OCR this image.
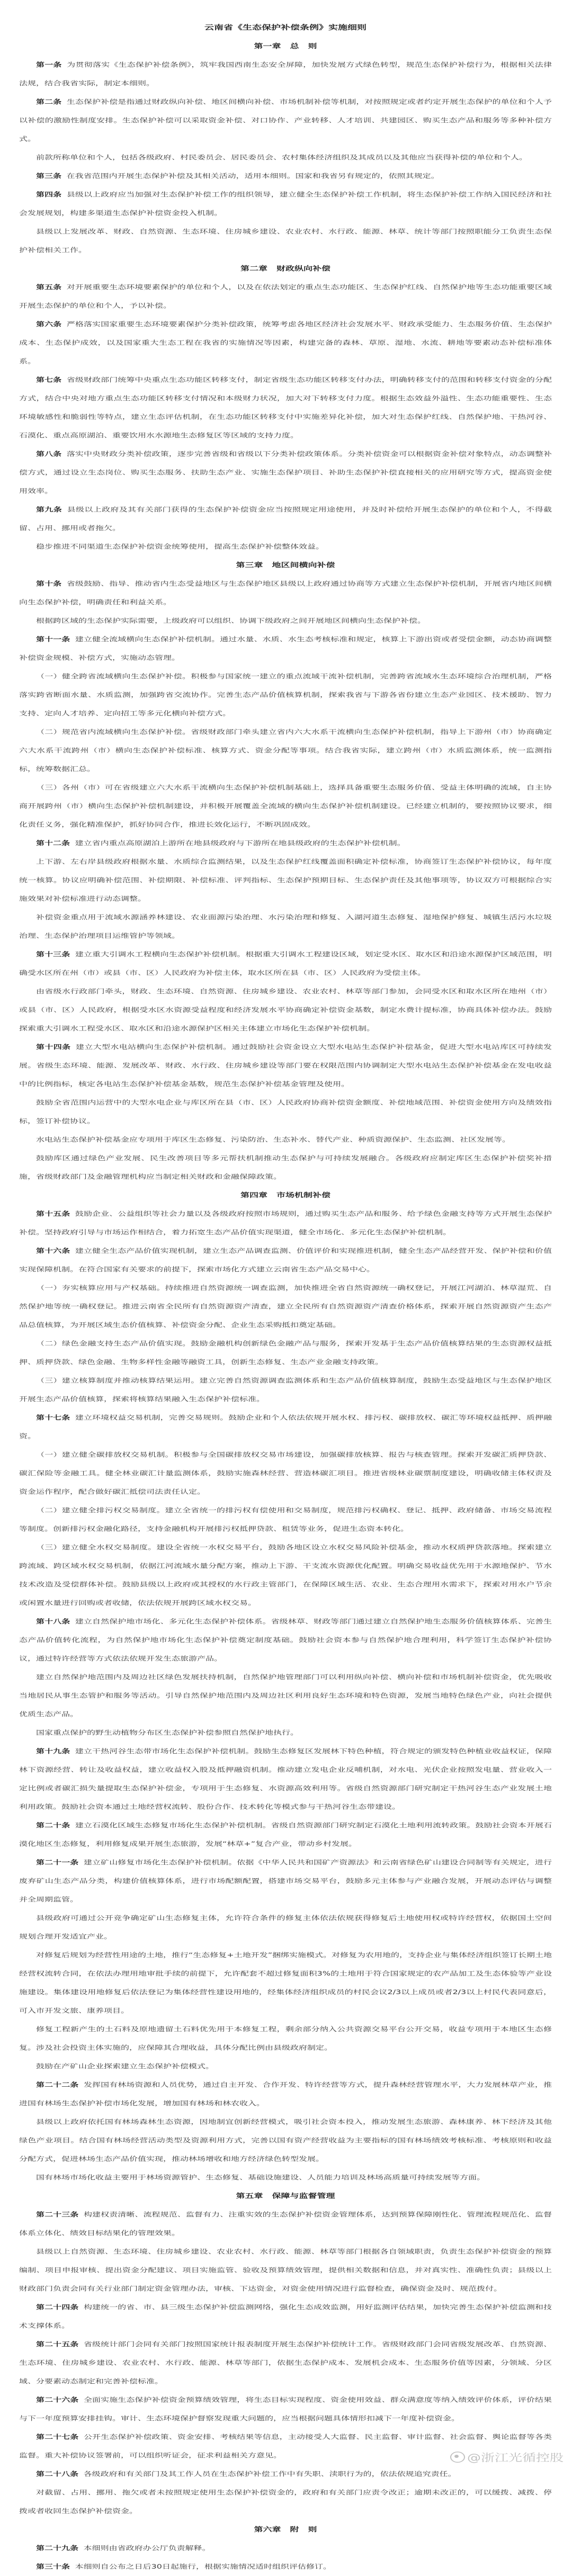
云南省《生态保护补偿条例》实施细则
第一章　总　则

第一条 为贯彻落实《生态保护补偿条例》，筑牢我国西南生态安全屏障，加快发展方式绿色转型，规范生态保护补偿行为，根据相关法律法规，结合我省实际，制定本细则。

第二条 生态保护补偿是指通过财政纵向补偿、地区间横向补偿、市场机制补偿等机制，对按照规定或者约定开展生态保护的单位和个人予以补偿的激励性制度安排。生态保护补偿可以采取资金补偿、对口协作、产业转移、人才培训、共建园区、购买生态产品和服务等多种补偿方式。

前款所称单位和个人，包括各级政府、村民委员会、居民委员会、农村集体经济组织及其成员以及其他应当获得补偿的单位和个人。

第三条 在我省范围内开展生态保护补偿及其相关活动，适用本细则。国家和我省另有规定的，依照其规定。

第四条 县级以上政府应当加强对生态保护补偿工作的组织领导，建立健全生态保护补偿工作机制，将生态保护补偿工作纳入国民经济和社会发展规划，构建多渠道生态保护补偿资金投入机制。

县级以上发展改革、财政、自然资源、生态环境、住房城乡建设、农业农村、水行政、能源、林草、统计等部门按照职能分工负责生态保护补偿相关工作。

第二章　财政纵向补偿

第五条 对开展重要生态环境要素保护的单位和个人，以及在依法划定的重点生态功能区、生态保护红线、自然保护地等生态功能重要区域开展生态保护的单位和个人，予以补偿。

第六条 严格落实国家重要生态环境要素保护分类补偿政策，统筹考虑各地区经济社会发展水平、财政承受能力、生态服务价值、生态保护成本、生态保护成效，以及国家重大生态工程在我省的实施情况等因素，构建完备的森林、草原、湿地、水流、耕地等要素动态补偿标准体系。

第七条 省级财政部门统筹中央重点生态功能区转移支付，制定省级生态功能区转移支付办法，明确转移支付的范围和转移支付资金的分配方式，结合中央对地方重点生态功能区转移支付情况和本级财力状况，加大对下转移支付力度。根据生态效益外溢性、生态功能重要性、生态环境敏感性和脆弱性等特点，建立生态评估机制，在生态功能区转移支付中实施差异化补偿，加大对生态保护红线、自然保护地、干热河谷、石漠化、重点高原湖泊、重要饮用水水源地生态修复区等区域的支持力度。

第八条 落实中央财政分类补偿政策，逐步完善省级和省级以下分类补偿政策体系。分类补偿资金可以根据资金补偿对象特点，动态调整补偿方式，通过设立生态岗位、购买生态服务、扶助生态产业、实施生态保护项目、补助生态保护补偿直接相关的应用研究等方式，提高资金使用效率。

第九条 县级以上政府及其有关部门获得的生态保护补偿资金应当按照规定用途使用，并及时补偿给开展生态保护的单位和个人，不得截留、占用、挪用或者拖欠。

稳步推进不同渠道生态保护补偿资金统筹使用，提高生态保护补偿整体效益。

第三章　地区间横向补偿

第十条 省级鼓励、指导、推动省内生态受益地区与生态保护地区县级以上政府通过协商等方式建立生态保护补偿机制，开展省内地区间横向生态保护补偿，明确责任和利益关系。

根据跨区域的生态保护实际需要，上级政府可以组织、协调下级政府之间开展地区间横向生态保护补偿。

第十一条 建立健全流域横向生态保护补偿机制。通过水量、水质、水生态考核标准和规定，核算上下游出资或者受偿金额，动态协商调整补偿资金规模、补偿方式，实施动态管理。

（一）健全跨省流域横向生态保护补偿。积极参与国家统一建立的重点流域干流补偿机制，完善跨省流域水生态环境综合治理机制，严格落实跨省断面水量、水质监测，加强跨省交流协作。完善生态产品价值核算机制，探索我省与下游各省份建立生态产业园区、技术援助、智力支持、定向人才培养、定向招工等多元化横向补偿方式。

（二）规范省内流域横向生态保护补偿。省级财政部门牵头建立省内六大水系干流横向生态保护补偿机制，指导上下游州（市）协商确定六大水系干流跨州（市）横向生态保护补偿标准、核算方式、资金分配等事项。结合我省实际，建立跨州（市）水质监测体系，统一监测指标，统筹数据汇总。

（三）各州（市）可在省级建立六大水系干流横向生态保护补偿机制基础上，选择具备重要生态服务价值、受益主体明确的流域，自主协商开展跨州（市）横向生态保护补偿机制建设，并积极开展覆盖全流域的横向生态保护补偿机制建设。已经建立机制的，要按照协议要求，细化责任义务，强化精准保护，抓好协同合作，推进长效化运行，不断巩固成效。

第十二条 建立省内重点高原湖泊上游所在地县级政府与下游所在地县级政府的生态保护补偿机制。

上下游、左右岸县级政府根据水量、水质综合监测结果，以及生态保护红线覆盖面积确定补偿标准，协商签订生态保护补偿协议，每年度统一核算。协议应明确补偿范围、补偿期限、补偿标准、评判指标、生态保护预期目标、生态保护责任及其他事项等，协议双方可根据综合实施效果对补偿标准进行动态调整。

补偿资金重点用于流域水源涵养林建设、农业面源污染治理、水污染治理和修复、入湖河道生态修复、湿地保护修复、城镇生活污水垃圾治理、生态保护治理项目运维管护等领域。

第十三条 建立重大引调水工程横向生态保护补偿机制。根据重大引调水工程建设区域，划定受水区、取水区和沿途水源保护区域范围，明确受水区所在州（市）或县（市、区）人民政府为补偿主体，取水区所在县（市、区）人民政府为受偿主体。

由省级水行政部门牵头，财政、生态环境、自然资源、住房城乡建设、农业农村、林草等部门参加，会同受水区和取水区所在地州（市）或县（市、区）人民政府，根据受水区水资源受益程度和经济发展水平协商确定补偿资金基数，制定水费计提标准，协商具体补偿办法。鼓励探索重大引调水工程受水区、取水区和沿途水源保护区相关主体建立市场化生态保护补偿机制。

第十四条 建立大型水电站横向生态保护补偿机制。通过鼓励社会资金设立大型水电站生态保护补偿基金，促进大型水电站库区可持续发展。省级生态环境、能源、发展改革、财政、水行政、住房城乡建设等部门要在权限范围内协调制定大型水电站生态保护补偿基金在发电收益中的比例指标，核定各电站生态保护补偿基金基数，规范生态保护补偿基金管理及使用。

鼓励全省范围内运营中的大型水电企业与库区所在县（市、区）人民政府协商补偿资金额度、补偿地域范围、补偿资金使用方向及绩效指标，签订补偿协议。

水电站生态保护补偿基金应专项用于库区生态修复、污染防治、生态补水、替代产业、种质资源保护、生态监测、社区发展等。

鼓励库区通过绿色产业发展、民生改善项目等多元帮扶机制推动生态保护与可持续发展融合。各级政府应制定库区生态保护补偿奖补措施，省级财政部门及金融管理机构应当制定相关财政和金融保障政策。

第四章　市场机制补偿

第十五条 鼓励企业、公益组织等社会力量以及各级政府按照市场规则，通过购买生态产品和服务、给予绿色金融支持等方式开展生态保护补偿。坚持政府引导与市场运作相结合，着力拓宽生态产品价值实现渠道，健全市场化、多元化生态保护补偿机制。

第十六条 建立健全生态产品价值实现机制，建立生态产品调查监测、价值评价和实现推进机制，健全生态产品经营开发、保护补偿和价值实现保障机制。在符合国家有关要求的前提下，探索市场化方式建立云南省生态产品交易中心。

（一）夯实核算应用与产权基础。持续推进自然资源统一调查监测，加快推进全省自然资源统一确权登记，开展江河湖泊、林草湿荒、自然保护地等统一确权登记。推进云南省全民所有自然资源资产清查，建立全民所有自然资源资产清查价格体系，探索开展自然资源资产生态产品总值核算，为开展区域生态价值核算、补偿资金分配、企业生态采购抵扣奠定基础。

（二）绿色金融支持生态产品价值实现。鼓励金融机构创新绿色金融产品与服务，探索开发基于生态产品价值核算结果的生态资源权益抵押、质押贷款、绿色金融、生物多样性金融等融资工具，创新生态修复、生态产业金融支持政策。

（三）建立核算制度并推动核算结果运用。建立完善自然资源调查监测体系和生态产品价值核算制度，鼓励生态受益地区与生态保护地区开展生态产品价值核算，探索将核算结果融入生态保护补偿标准。

第十七条 建立环境权益交易机制，完善交易规则。鼓励企业和个人依法依规开展水权、排污权、碳排放权、碳汇等环境权益抵押、质押融资。

（一）建立健全碳排放权交易机制。积极参与全国碳排放权交易市场建设，加强碳排放核算、报告与核查管理。探索开发碳汇质押贷款、碳汇保险等金融工具。健全林业碳汇计量监测体系，鼓励实施森林经营、营造林碳汇项目。推进省级林业碳票制度建设，明确收储主体权责及资金运作程序，配合做好碳汇抵偿司法责任认定。

（二）建立健全排污权交易制度。建立全省统一的排污权有偿使用和交易制度，规范排污权确权、登记、抵押、政府储备、市场交易流程等制度。创新排污权金融化路径，支持金融机构开展排污权抵押贷款、租赁等业务，促进生态资本转化。

（三）建立健全水权交易制度。建设全省统一水权交易平台，鼓励各地区设立水权交易风险补偿基金，推动水权质押贷款落地。探索建立跨流域、跨区域水权交易机制，依据江河流域水量分配方案，推动上下游、干支流水资源优化配置。明确交易收益优先用于水源地保护、节水技术改造及受偿群体补偿。鼓励县级以上政府或其授权的水行政主管部门，在保障区域生活、农业、生态合理用水需求下，探索对用水户节余或闲置水量进行回购或者收储，依法依规开展跨区域水权交易。

第十八条 建立自然保护地市场化、多元化生态保护补偿体系。省级林草、财政等部门通过建立自然保护地生态服务价值核算体系、完善生态产品价值转化流程，为自然保护地市场化生态保护补偿奠定制度基础。鼓励社会资本参与自然保护地合理利用，科学签订生态保护补偿协议，通过特许经营等方式依法依规开发生态旅游产品。

建立自然保护地范围内及周边社区绿色发展扶持机制，自然保护地管理部门可以利用纵向补偿、横向补偿和市场机制补偿资金，优先吸收当地居民从事生态管护和服务等活动。引导自然保护地范围内及周边社区利用良好生态环境和特色资源，发展当地特色绿色产业，向社会提供优质生态产品。

国家重点保护的野生动植物分布区生态保护补偿参照自然保护地执行。

第十九条 建立干热河谷生态带市场化生态保护补偿机制。鼓励生态修复区发展林下特色种植，符合规定的颁发特色种植业收益权证，保障林下资源经营、转让及收益权益，建立收益权入股及抵押融资机制。推动建立发电企业反哺机制，对水电、光伏企业按照发电量、营业收入一定比例或者碳汇损失量提取生态保护补偿金，专项用于生态修复、水资源高效利用等。省级自然资源部门研究制定干热河谷生态产业发展土地利用政策。鼓励社会资本通过土地经营权流转、股份合作、技术转化等模式参与干热河谷生态带建设。

第二十条 建立石漠化区域生态修复市场化生态保护补偿机制。省级自然资源部门研究制定石漠化土地利用流转政策。鼓励社会资本开展石漠化地区生态修复，利用修复成果开展生态旅游，发展“林草+”复合产业，带动乡村发展。

第二十一条 建立矿山修复市场化生态保护补偿机制。依据《中华人民共和国矿产资源法》和云南省绿色矿山建设合同制等有关规定，进行废弃矿山生态产品分类，构建价值核算体系，进行市场配额配置，搭建市场交易平台，鼓励多元主体参与产业融合发展，开展动态评估与调整并全周期监管。

县级政府可通过公开竞争确定矿山生态修复主体，允许符合条件的修复主体依法依规获得修复后土地使用权或特许经营权，依据国土空间规划合理开发适宜产业。

对修复后规划为经营性用途的土地，推行“生态修复+土地开发”捆绑实施模式。对修复为农用地的，支持企业与集体经济组织签订长期土地经营权流转合同，在依法办理用地审批手续的前提下，允许配套不超过修复面积3%的土地用于符合国家规定的农产品加工及生态体验等产业设施建设。集体建设用地修复后依法登记为集体经营性建设用地的，经集体经济组织成员的村民会议2/3以上成员或者2/3以上村民代表同意后，可入市开发文旅、康养项目。

修复工程新产生的土石料及原地遗留土石料优先用于本修复工程，剩余部分纳入公共资源交易平台公开交易，收益专项用于本地区生态修复。涉及社会投资主体实施的，应保障其合理收益，具体分配比例由县级政府制定。

鼓励在产矿山企业探索建立生态保护补偿模式。

第二十二条 发挥国有林场资源和人员优势，通过自主开发、合作开发、特许经营等方式，提升森林经营管理水平，大力发展林草产业，推进国有林场生态保护补偿市场化发展，增加国有林场和林农收入。

县级以上政府依托国有林场森林生态资源，因地制宜创新经营模式，吸引社会资本投入，推动发展生态旅游、森林康养、林下经济及其他绿色产业项目。结合国有林场经营活动类型及资源利用方式，完善以国有资产经营收益为主要指标的国有林场绩效考核标准、考核原则和收益分配方式，促进林场生态产品价值实现，推动林场增收和地方经济绿色转型发展。

国有林场市场化收益主要用于林场资源管护、生态修复、基础设施建设、人员能力培训及林场高质量可持续发展等方面。

第五章　保障与监督管理

第二十三条 构建权责清晰、流程规范、监督有力、注重实效的生态保护补偿资金管理体系，达到预算保障刚性化、管理流程规范化、监督体系立体化、绩效目标结果化的管理效果。

县级以上自然资源、生态环境、住房城乡建设、农业农村、水行政、能源、林草等部门根据各自领域职责，负责生态保护补偿资金的预算编制、项目申报审核、提出资金分配建议、项目实施监管、验收及预算绩效管理，提供相关数据和信息，并对真实性、准确性负责；县级以上财政部门负责会同有关行业部门制定资金管理办法，审核、下达资金，对资金使用情况进行监督检查，确保资金及时、规范拨付。

第二十四条 构建统一的省、市、县三级生态保护补偿监测网络，强化生态成效监测，用好监测评估结果，加快完善生态保护补偿监测和技术支撑体系。

第二十五条 省级统计部门会同有关部门按照国家统计报表制度开展生态保护补偿统计工作。省级财政部门会同省级发展改革、自然资源、生态环境、住房城乡建设、农业农村、水行政、能源、林草等部门，依据生态保护成本、发展机会成本、生态服务价值等因素，分领域、分区域、分要素动态制定和完善补偿标准。

第二十六条 全面实施生态保护补偿资金预算绩效管理，将生态目标实现程度、资金使用效益、群众满意度等纳入绩效评价体系，评价结果与下一年度预算安排挂钩。审计、生态环境保护督察发现重大问题的，应当根据问题具体情形扣减下一年度补偿资金。

第二十七条 公开生态保护补偿政策、资金安排、考核结果等信息，主动接受人大监督、民主监督、审计监督、社会监督、舆论监督等各类监督。重大补偿协议签署前，可以组织听证会，征求利益相关方意见。

第二十八条 各级政府和有关部门及其工作人员在生态保护补偿工作中有失职、渎职行为的，依法依规追究责任。

对截留、占用、挪用、拖欠或者未按照规定使用生态保护补偿资金的，政府和有关部门应责令改正；逾期未改正的，可以缓拨、减拨、停拨或者收回生态保护补偿资金。

第六章　附　则

第二十九条 本细则由省政府办公厅负责解释。

第三十条 本细则自公布之日后30日起施行，根据实施情况适时组织评估修订。

@浙江光循控股
